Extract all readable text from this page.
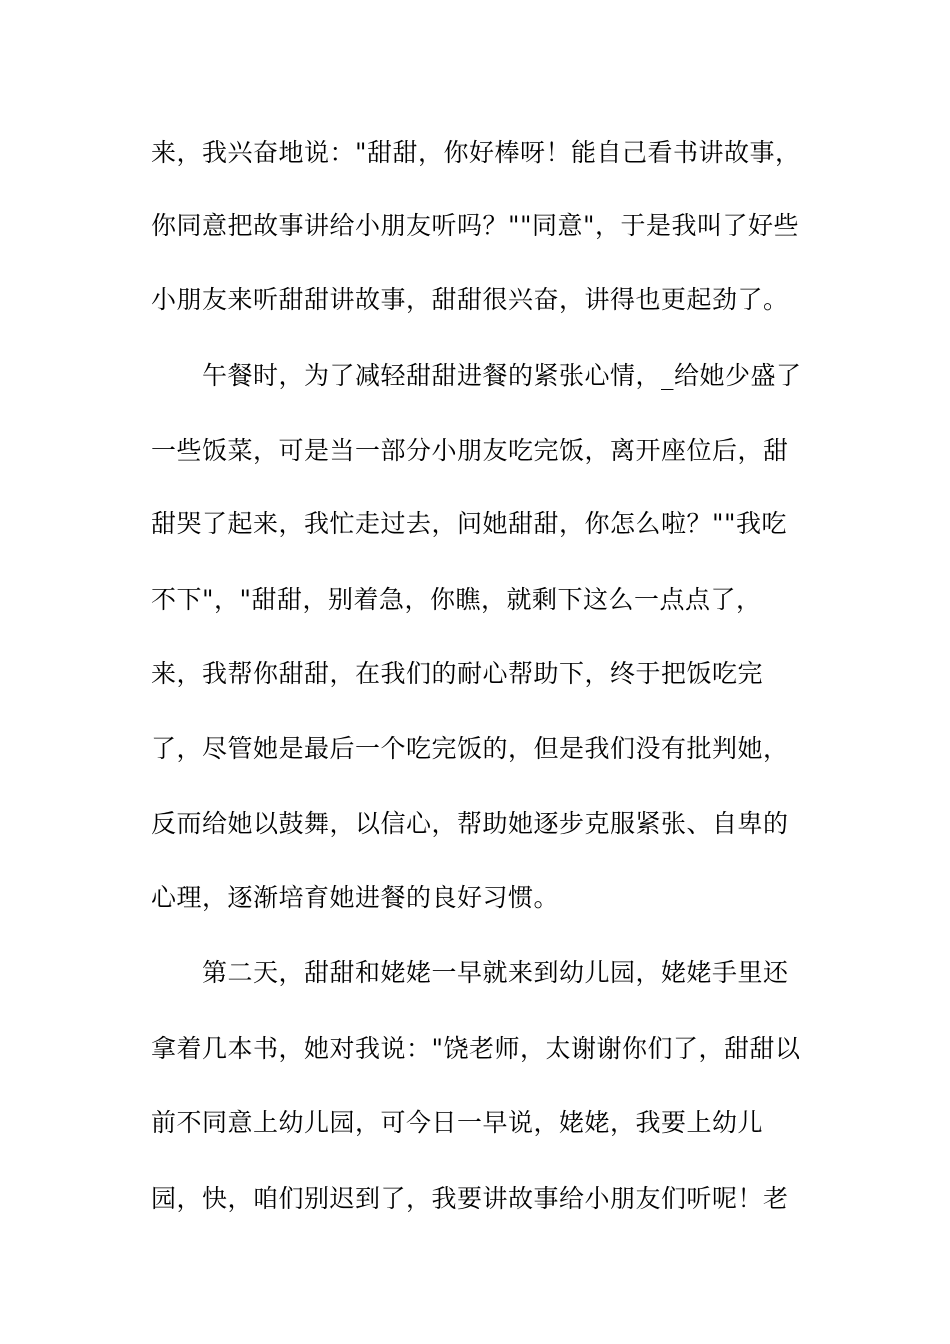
来，我兴奋地说："甜甜，你好棒呀！能自己看书讲故事，
你同意把故事讲给小朋友听吗？""同意"，于是我叫了好些
小朋友来听甜甜讲故事，甜甜很兴奋，讲得也更起劲了。
午餐时，为了减轻甜甜进餐的紧张心情，_给她少盛了
一些饭菜，可是当一部分小朋友吃完饭，离开座位后，甜
甜哭了起来，我忙走过去，问她甜甜，你怎么啦？""我吃
不下"，"甜甜，别着急，你瞧，就剩下这么一点点了，
来，我帮你甜甜，在我们的耐心帮助下，终于把饭吃完
了，尽管她是最后一个吃完饭的，但是我们没有批判她，
反而给她以鼓舞，以信心，帮助她逐步克服紧张、自卑的
心理，逐渐培育她进餐的良好习惯。
第二天，甜甜和姥姥一早就来到幼儿园，姥姥手里还
拿着几本书，她对我说："饶老师，太谢谢你们了，甜甜以
前不同意上幼儿园，可今日一早说，姥姥，我要上幼儿
园，快，咱们别迟到了，我要讲故事给小朋友们听呢！老
